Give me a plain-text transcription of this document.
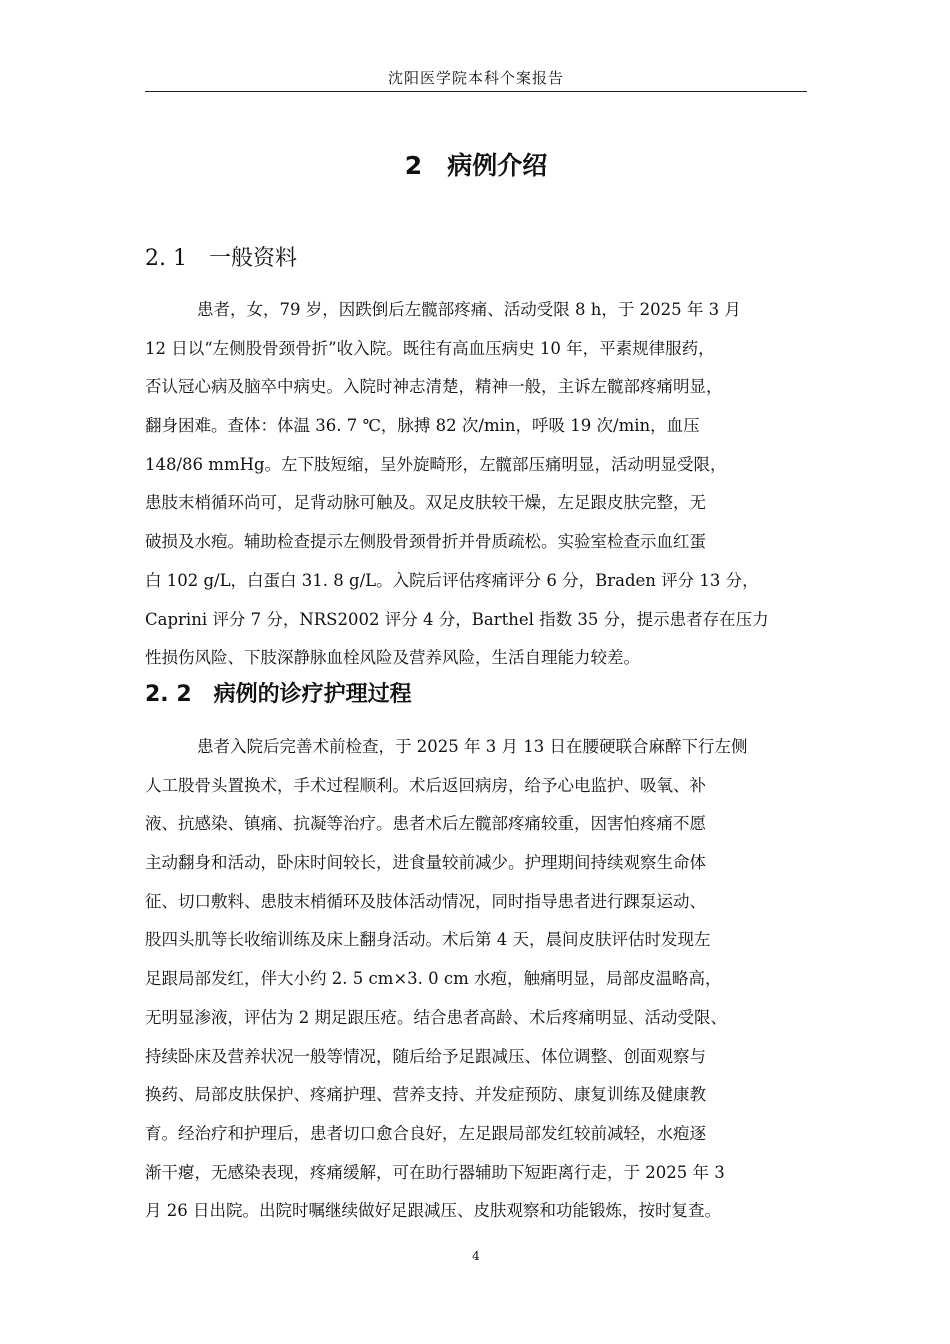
沈阳医学院本科个案报告
2　病例介绍
2. 1　一般资料
患者，女，79 岁，因跌倒后左髋部疼痛、活动受限 8 h，于 2025 年 3 月
12 日以“左侧股骨颈骨折”收入院。既往有高血压病史 10 年，平素规律服药，
否认冠心病及脑卒中病史。入院时神志清楚，精神一般，主诉左髋部疼痛明显，
翻身困难。查体：体温 36. 7 ℃，脉搏 82 次/min，呼吸 19 次/min，血压
148/86 mmHg。左下肢短缩，呈外旋畸形，左髋部压痛明显，活动明显受限，
患肢末梢循环尚可，足背动脉可触及。双足皮肤较干燥，左足跟皮肤完整，无
破损及水疱。辅助检查提示左侧股骨颈骨折并骨质疏松。实验室检查示血红蛋
白 102 g/L，白蛋白 31. 8 g/L。入院后评估疼痛评分 6 分，Braden 评分 13 分，
Caprini 评分 7 分，NRS2002 评分 4 分，Barthel 指数 35 分，提示患者存在压力
性损伤风险、下肢深静脉血栓风险及营养风险，生活自理能力较差。
2. 2　病例的诊疗护理过程
患者入院后完善术前检查，于 2025 年 3 月 13 日在腰硬联合麻醉下行左侧
人工股骨头置换术，手术过程顺利。术后返回病房，给予心电监护、吸氧、补
液、抗感染、镇痛、抗凝等治疗。患者术后左髋部疼痛较重，因害怕疼痛不愿
主动翻身和活动，卧床时间较长，进食量较前减少。护理期间持续观察生命体
征、切口敷料、患肢末梢循环及肢体活动情况，同时指导患者进行踝泵运动、
股四头肌等长收缩训练及床上翻身活动。术后第 4 天，晨间皮肤评估时发现左
足跟局部发红，伴大小约 2. 5 cm×3. 0 cm 水疱，触痛明显，局部皮温略高，
无明显渗液，评估为 2 期足跟压疮。结合患者高龄、术后疼痛明显、活动受限、
持续卧床及营养状况一般等情况，随后给予足跟减压、体位调整、创面观察与
换药、局部皮肤保护、疼痛护理、营养支持、并发症预防、康复训练及健康教
育。经治疗和护理后，患者切口愈合良好，左足跟局部发红较前减轻，水疱逐
渐干瘪，无感染表现，疼痛缓解，可在助行器辅助下短距离行走，于 2025 年 3
月 26 日出院。出院时嘱继续做好足跟减压、皮肤观察和功能锻炼，按时复查。
4
